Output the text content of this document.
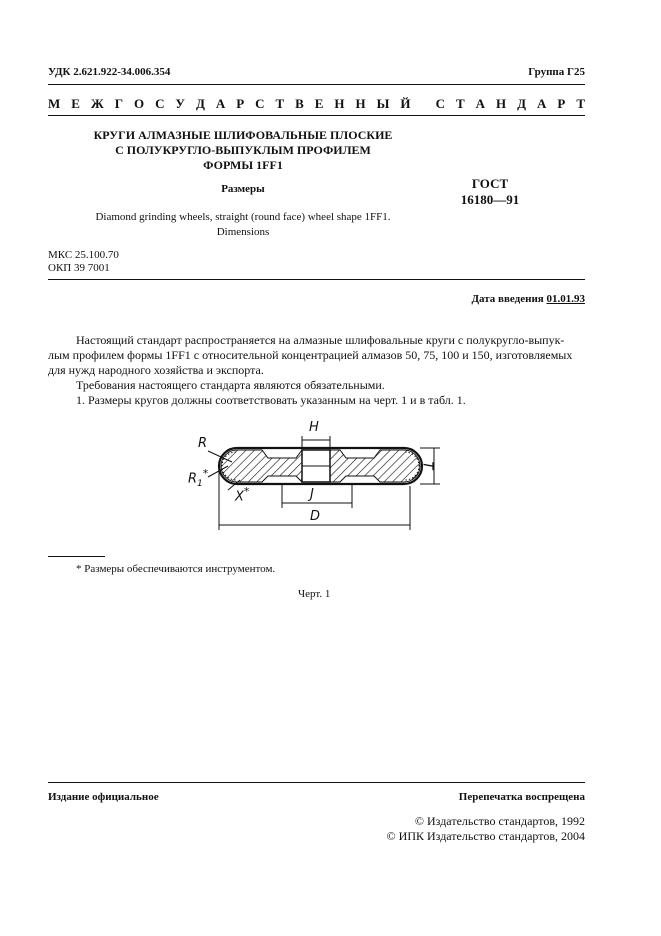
УДК 2.621.922-34.006.354	Группа Г25
М Е Ж Г О С У Д А Р С Т В Е Н Н Ы Й
С Т А Н Д А Р Т
КРУГИ АЛМАЗНЫЕ ШЛИФОВАЛЬНЫЕ ПЛОСКИЕ
С ПОЛУКРУГЛО-ВЫПУКЛЫМ ПРОФИЛЕМ
ФОРМЫ 1FF1
Размеры
Diamond grinding wheels, straight (round face) wheel shape 1FF1.
Dimensions
ГОСТ
16180—91
МКС 25.100.70
ОКП 39 7001
Дата введения 01.01.93
Настоящий стандарт распространяется на алмазные шлифовальные круги с полукругло-выпук-
лым профилем формы 1FF1 с относительной концентрацией алмазов 50, 75, 100 и 150, изготовляемых
для нужд народного хозяйства и экспорта.
Требования настоящего стандарта являются обязательными.
1. Размеры кругов должны соответствовать указанным на черт. 1 и в табл. 1.
R
$R_1^*$
X*
H
T
J
D
* Размеры обеспечиваются инструментом.
Черт. 1
Издание официальное	Перепечатка воспрещена
© Издательство стандартов, 1992
© ИПК Издательство стандартов, 2004
